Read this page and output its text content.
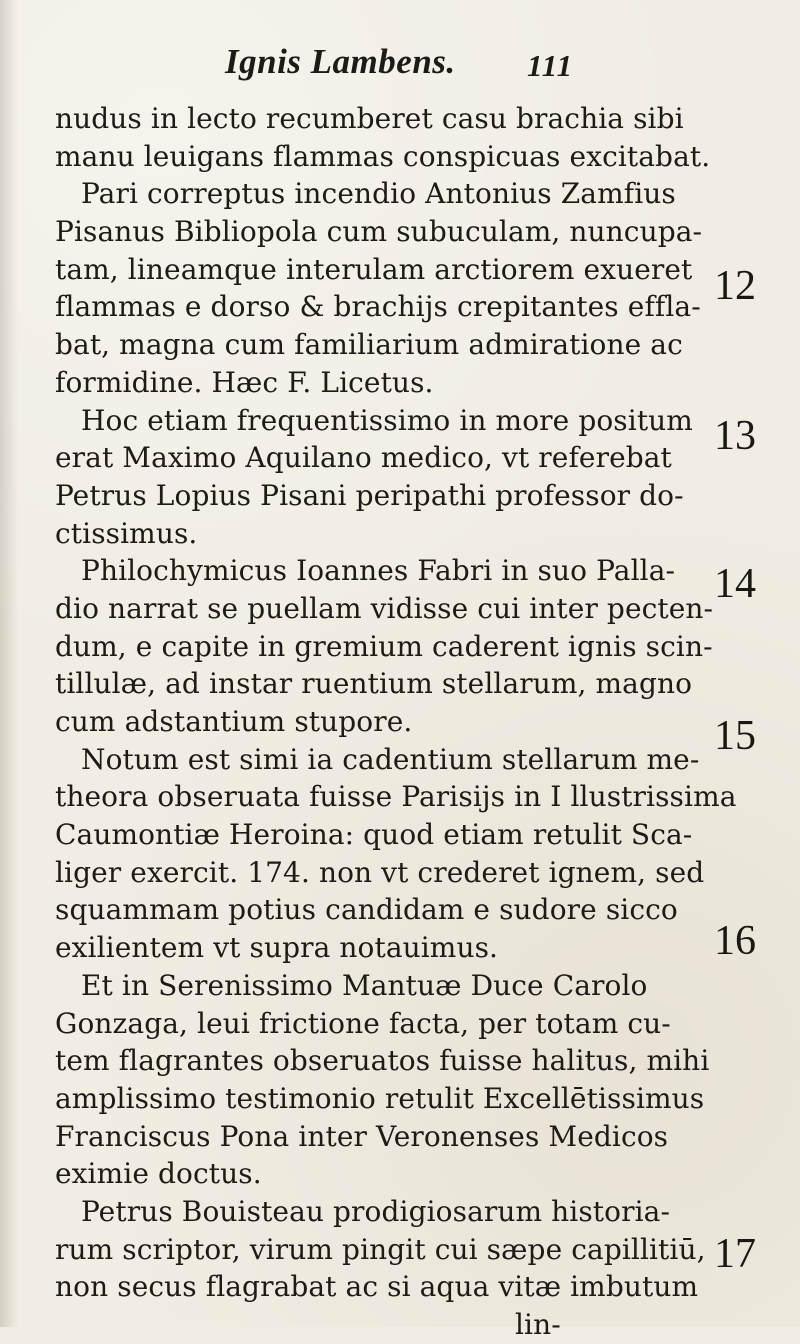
Ignis Lambens. 111
nudus in lecto recumberet casu brachia sibi
manu leuigans flammas conspicuas excitabat.
Pari correptus incendio Antonius Zamfius
Pisanus Bibliopola cum subuculam, nuncupa-
tam, lineamque interulam arctiorem exueret
flammas e dorso & brachijs crepitantes effla-
bat, magna cum familiarium admiratione ac
formidine. Hæc F. Licetus.
Hoc etiam frequentissimo in more positum
erat Maximo Aquilano medico, vt referebat
Petrus Lopius Pisani peripathi professor do-
ctissimus.
Philochymicus Ioannes Fabri in suo Palla-
dio narrat se puellam vidisse cui inter pecten-
dum, e capite in gremium caderent ignis scin-
tillulæ, ad instar ruentium stellarum, magno
cum adstantium stupore.
Notum est simi ia cadentium stellarum me-
theora obseruata fuisse Parisijs in I llustrissima
Caumontiæ Heroina: quod etiam retulit Sca-
liger exercit. 174. non vt crederet ignem, sed
squammam potius candidam e sudore sicco
exilientem vt supra notauimus.
Et in Serenissimo Mantuæ Duce Carolo
Gonzaga, leui frictione facta, per totam cu-
tem flagrantes obseruatos fuisse halitus, mihi
amplissimo testimonio retulit Excellētissimus
Franciscus Pona inter Veronenses Medicos
eximie doctus.
Petrus Bouisteau prodigiosarum historia-
rum scriptor, virum pingit cui sæpe capillitiū,
non secus flagrabat ac si aqua vitæ imbutum
lin-
12
13
14
15
16
17
